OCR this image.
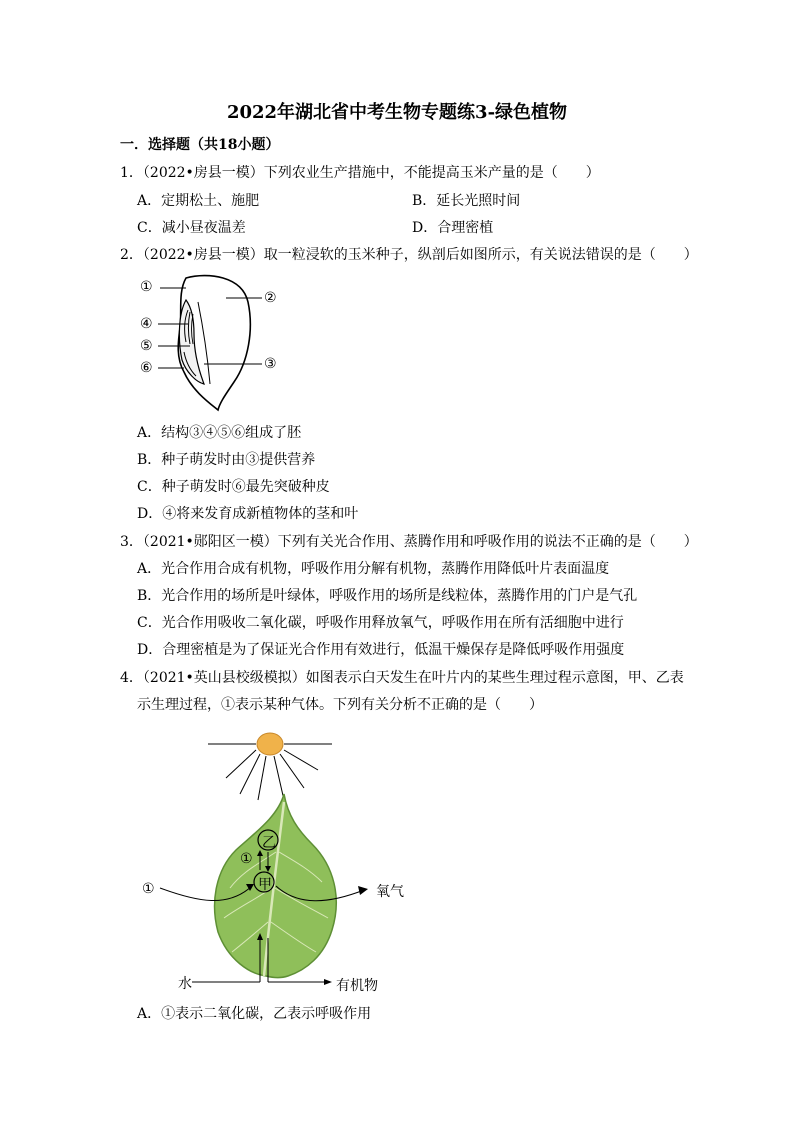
2022年湖北省中考生物专题练3-绿色植物
一．选择题（共18小题）
1．（2022•房县一模）下列农业生产措施中，不能提高玉米产量的是（　　）
A．定期松土、施肥	B．延长光照时间
C．减小昼夜温差	D．合理密植
2．（2022•房县一模）取一粒浸软的玉米种子，纵剖后如图所示，有关说法错误的是（　　）
①
②
④
⑤
③
⑥
A．结构③④⑤⑥组成了胚
B．种子萌发时由③提供营养
C．种子萌发时⑥最先突破种皮
D．④将来发育成新植物体的茎和叶
3．（2021•郧阳区一模）下列有关光合作用、蒸腾作用和呼吸作用的说法不正确的是（　　）
A．光合作用合成有机物，呼吸作用分解有机物，蒸腾作用降低叶片表面温度
B．光合作用的场所是叶绿体，呼吸作用的场所是线粒体，蒸腾作用的门户是气孔
C．光合作用吸收二氧化碳，呼吸作用释放氧气，呼吸作用在所有活细胞中进行
D．合理密植是为了保证光合作用有效进行，低温干燥保存是降低呼吸作用强度
4．（2021•英山县校级模拟）如图表示白天发生在叶片内的某些生理过程示意图，甲、乙表
示生理过程，①表示某种气体。下列有关分析不正确的是（　　）
乙
①
甲
①	氧气
水	有机物
A．①表示二氧化碳，乙表示呼吸作用
